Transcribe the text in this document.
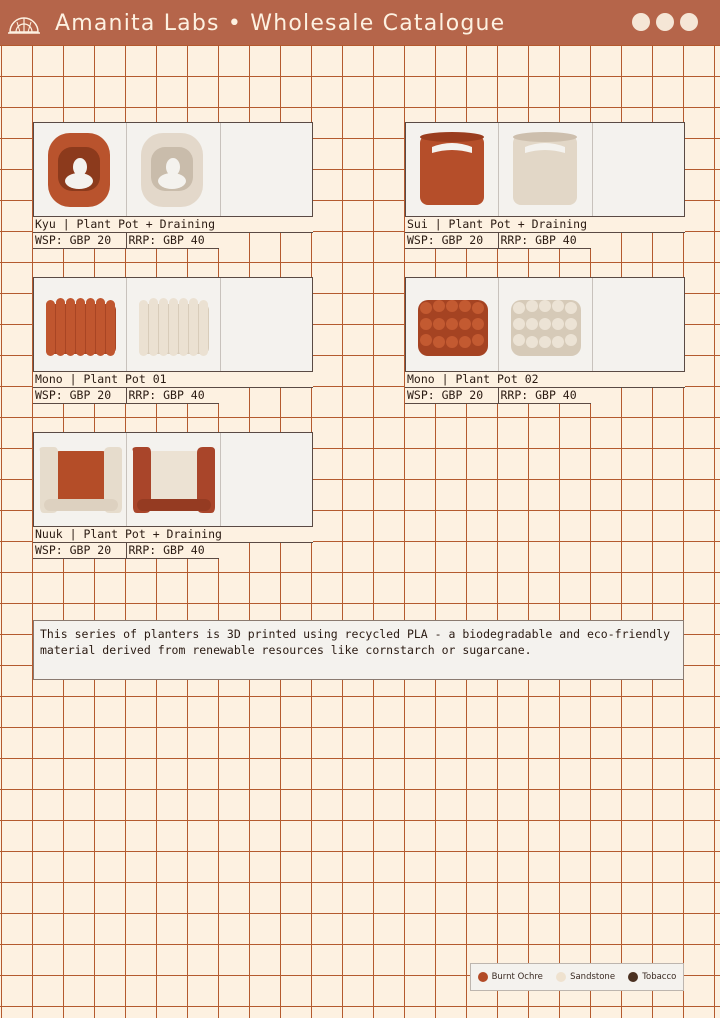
Amanita Labs • Wholesale Catalogue
Kyu | Plant Pot + Draining
WSP: GBP 20	RRP: GBP 40
Sui | Plant Pot + Draining
WSP: GBP 20	RRP: GBP 40
Mono | Plant Pot 01
WSP: GBP 20	RRP: GBP 40
Mono | Plant Pot 02
WSP: GBP 20	RRP: GBP 40
Nuuk | Plant Pot + Draining
WSP: GBP 20	RRP: GBP 40

This series of planters is 3D printed using recycled PLA - a biodegradable and eco-friendly

material derived from renewable resources like cornstarch or sugarcane.

Burnt Ochre	Sandstone	Tobacco
